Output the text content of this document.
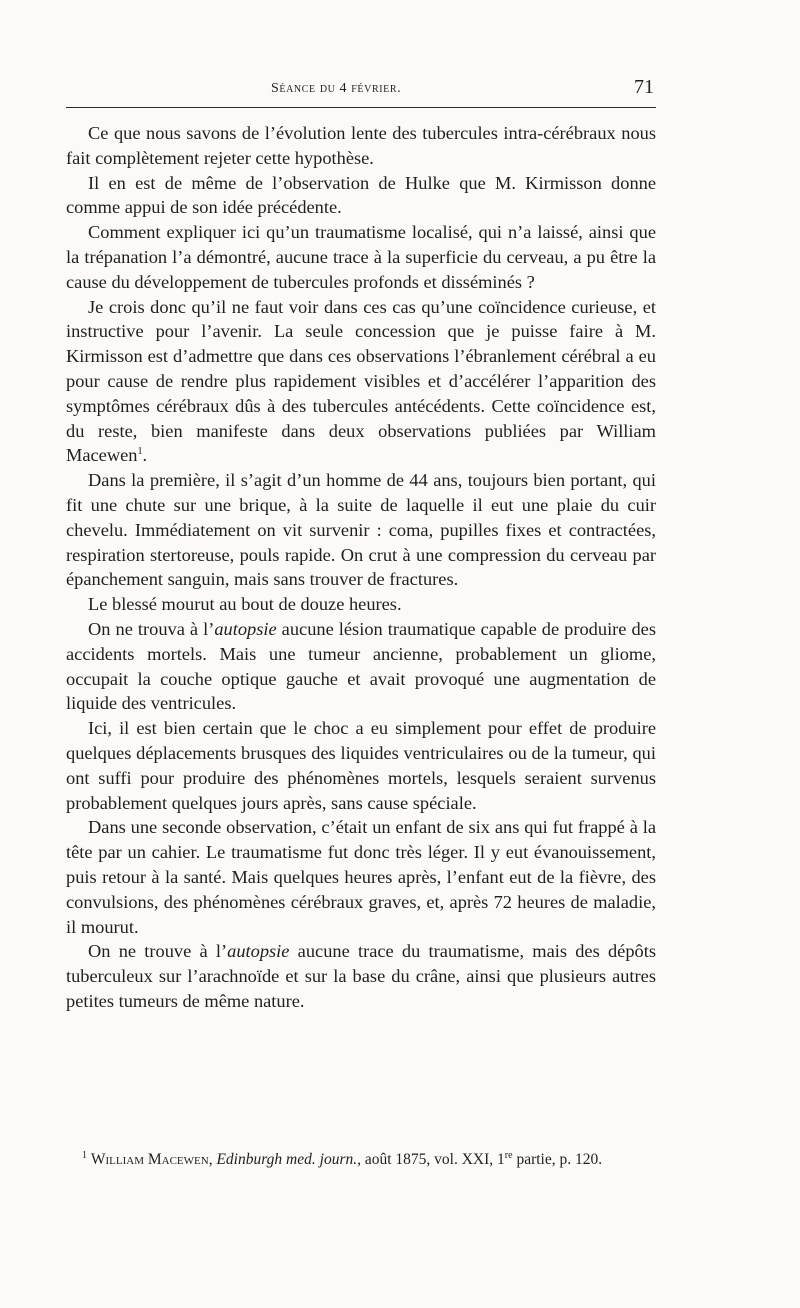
Séance du 4 février.	71

Ce que nous savons de l’évolution lente des tubercules intra-cérébraux nous fait complètement rejeter cette hypothèse.

Il en est de même de l’observation de Hulke que M. Kirmisson donne comme appui de son idée précédente.

Comment expliquer ici qu’un traumatisme localisé, qui n’a laissé, ainsi que la trépanation l’a démontré, aucune trace à la superficie du cerveau, a pu être la cause du développement de tubercules profonds et disséminés ?

Je crois donc qu’il ne faut voir dans ces cas qu’une coïncidence curieuse, et instructive pour l’avenir. La seule concession que je puisse faire à M. Kirmisson est d’admettre que dans ces observations l’ébranlement cérébral a eu pour cause de rendre plus rapidement visibles et d’accélérer l’apparition des symptômes cérébraux dûs à des tubercules antécédents. Cette coïncidence est, du reste, bien manifeste dans deux observations publiées par William Macewen$^1$.

Dans la première, il s’agit d’un homme de 44 ans, toujours bien portant, qui fit une chute sur une brique, à la suite de laquelle il eut une plaie du cuir chevelu. Immédiatement on vit survenir : coma, pupilles fixes et contractées, respiration stertoreuse, pouls rapide. On crut à une compression du cerveau par épanchement sanguin, mais sans trouver de fractures.

Le blessé mourut au bout de douze heures.

On ne trouva à l’autopsie aucune lésion traumatique capable de produire des accidents mortels. Mais une tumeur ancienne, probablement un gliome, occupait la couche optique gauche et avait provoqué une augmentation de liquide des ventricules.

Ici, il est bien certain que le choc a eu simplement pour effet de produire quelques déplacements brusques des liquides ventriculaires ou de la tumeur, qui ont suffi pour produire des phénomènes mortels, lesquels seraient survenus probablement quelques jours après, sans cause spéciale.

Dans une seconde observation, c’était un enfant de six ans qui fut frappé à la tête par un cahier. Le traumatisme fut donc très léger. Il y eut évanouissement, puis retour à la santé. Mais quelques heures après, l’enfant eut de la fièvre, des convulsions, des phénomènes cérébraux graves, et, après 72 heures de maladie, il mourut.

On ne trouve à l’autopsie aucune trace du traumatisme, mais des dépôts tuberculeux sur l’arachnoïde et sur la base du crâne, ainsi que plusieurs autres petites tumeurs de même nature.

$^1$ William Macewen, Edinburgh med. journ., août 1875, vol. XXI, 1re partie, p. 120.
